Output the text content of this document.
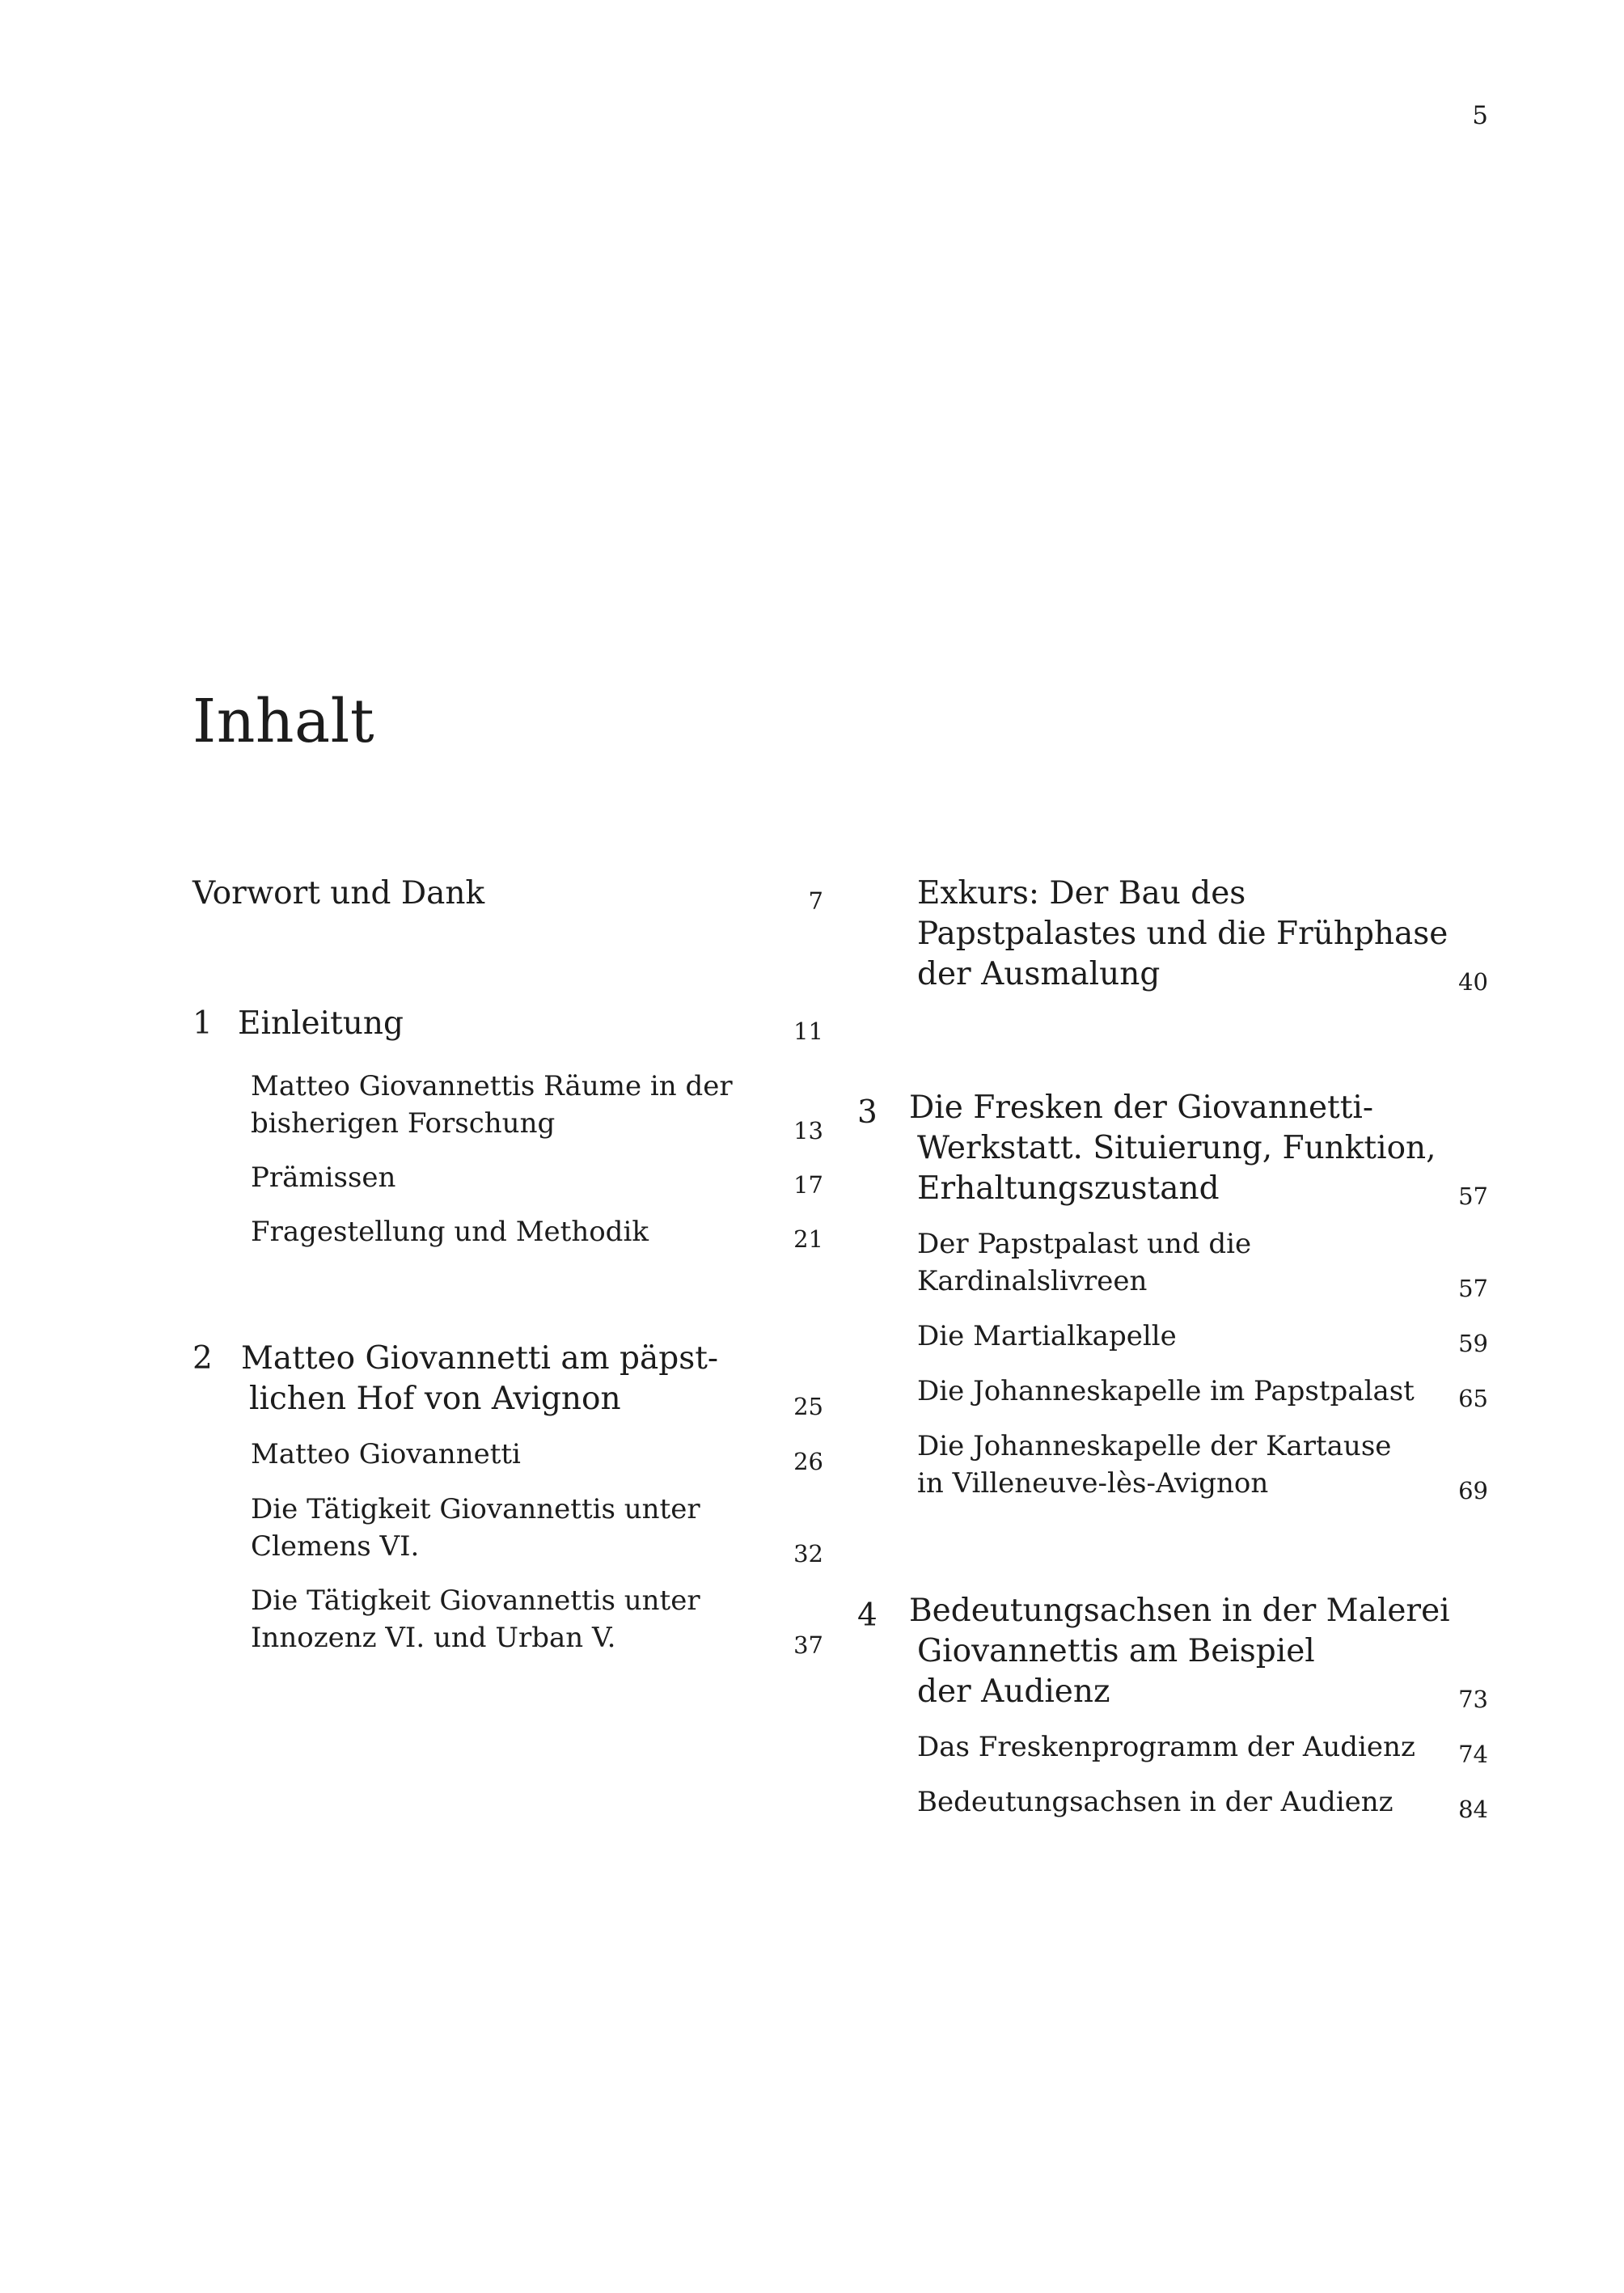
5
Inhalt
Vorwort und Dank	7
1 Einleitung	11
Matteo Giovannettis Räume in der
bisherigen Forschung	13
Prämissen	17
Fragestellung und Methodik	21
2 Matteo Giovannetti am päpst-
lichen Hof von Avignon	25
Matteo Giovannetti	26
Die Tätigkeit Giovannettis unter
Clemens VI.	32
Die Tätigkeit Giovannettis unter
Innozenz VI. und Urban V.	37
Exkurs: Der Bau des
Papstpalastes und die Frühphase
der Ausmalung	40
3 Die Fresken der Giovannetti-
Werkstatt. Situierung, Funktion,
Erhaltungszustand	57
Der Papstpalast und die
Kardinalslivreen	57
Die Martialkapelle	59
Die Johanneskapelle im Papstpalast 65
Die Johanneskapelle der Kartause
in Villeneuve-lès-Avignon	69
4 Bedeutungsachsen in der Malerei
Giovannettis am Beispiel
der Audienz	73
Das Freskenprogramm der Audienz 74
Bedeutungsachsen in der Audienz	84
